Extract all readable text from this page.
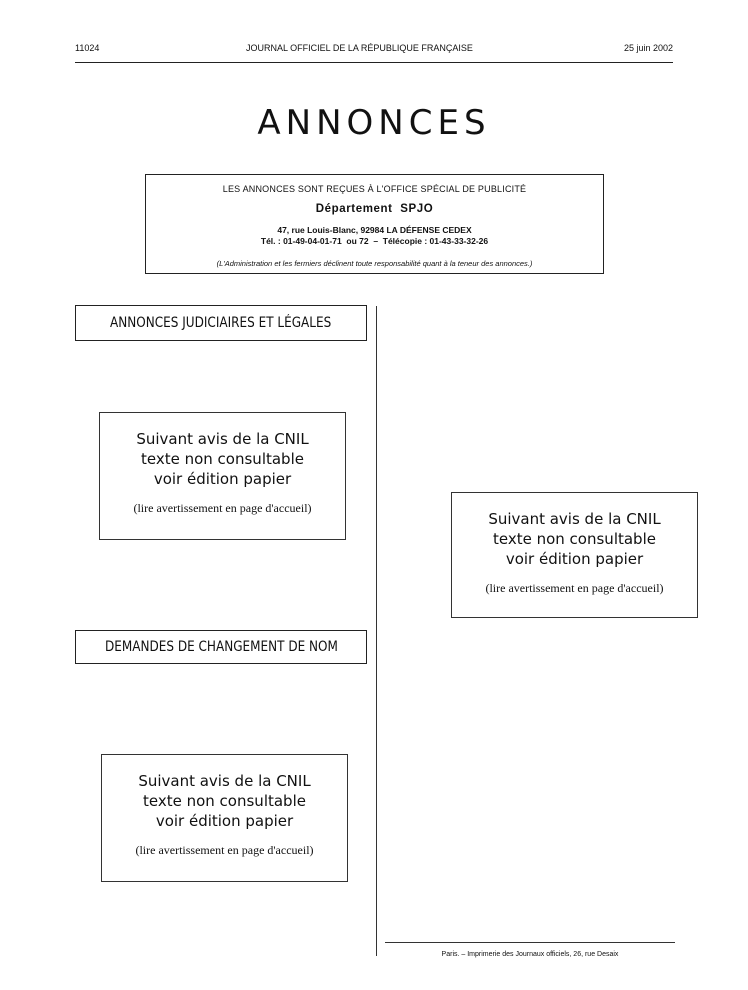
11024	JOURNAL OFFICIEL DE LA RÉPUBLIQUE FRANÇAISE	25 juin 2002
ANNONCES
LES ANNONCES SONT REÇUES À L'OFFICE SPÉCIAL DE PUBLICITÉ
Département  SPJO
47, rue Louis-Blanc, 92984 LA DÉFENSE CEDEX
Tél. : 01-49-04-01-71  ou 72  –  Télécopie : 01-43-33-32-26
(L'Administration et les fermiers déclinent toute responsabilité quant à la teneur des annonces.)
ANNONCES JUDICIAIRES ET LÉGALES
DEMANDES DE CHANGEMENT DE NOM
Suivant avis de la CNIL
texte non consultable
voir édition papier
(lire avertissement en page d'accueil)
Suivant avis de la CNIL
texte non consultable
voir édition papier
(lire avertissement en page d'accueil)
Suivant avis de la CNIL
texte non consultable
voir édition papier
(lire avertissement en page d'accueil)
Paris. – Imprimerie des Journaux officiels, 26, rue Desaix
